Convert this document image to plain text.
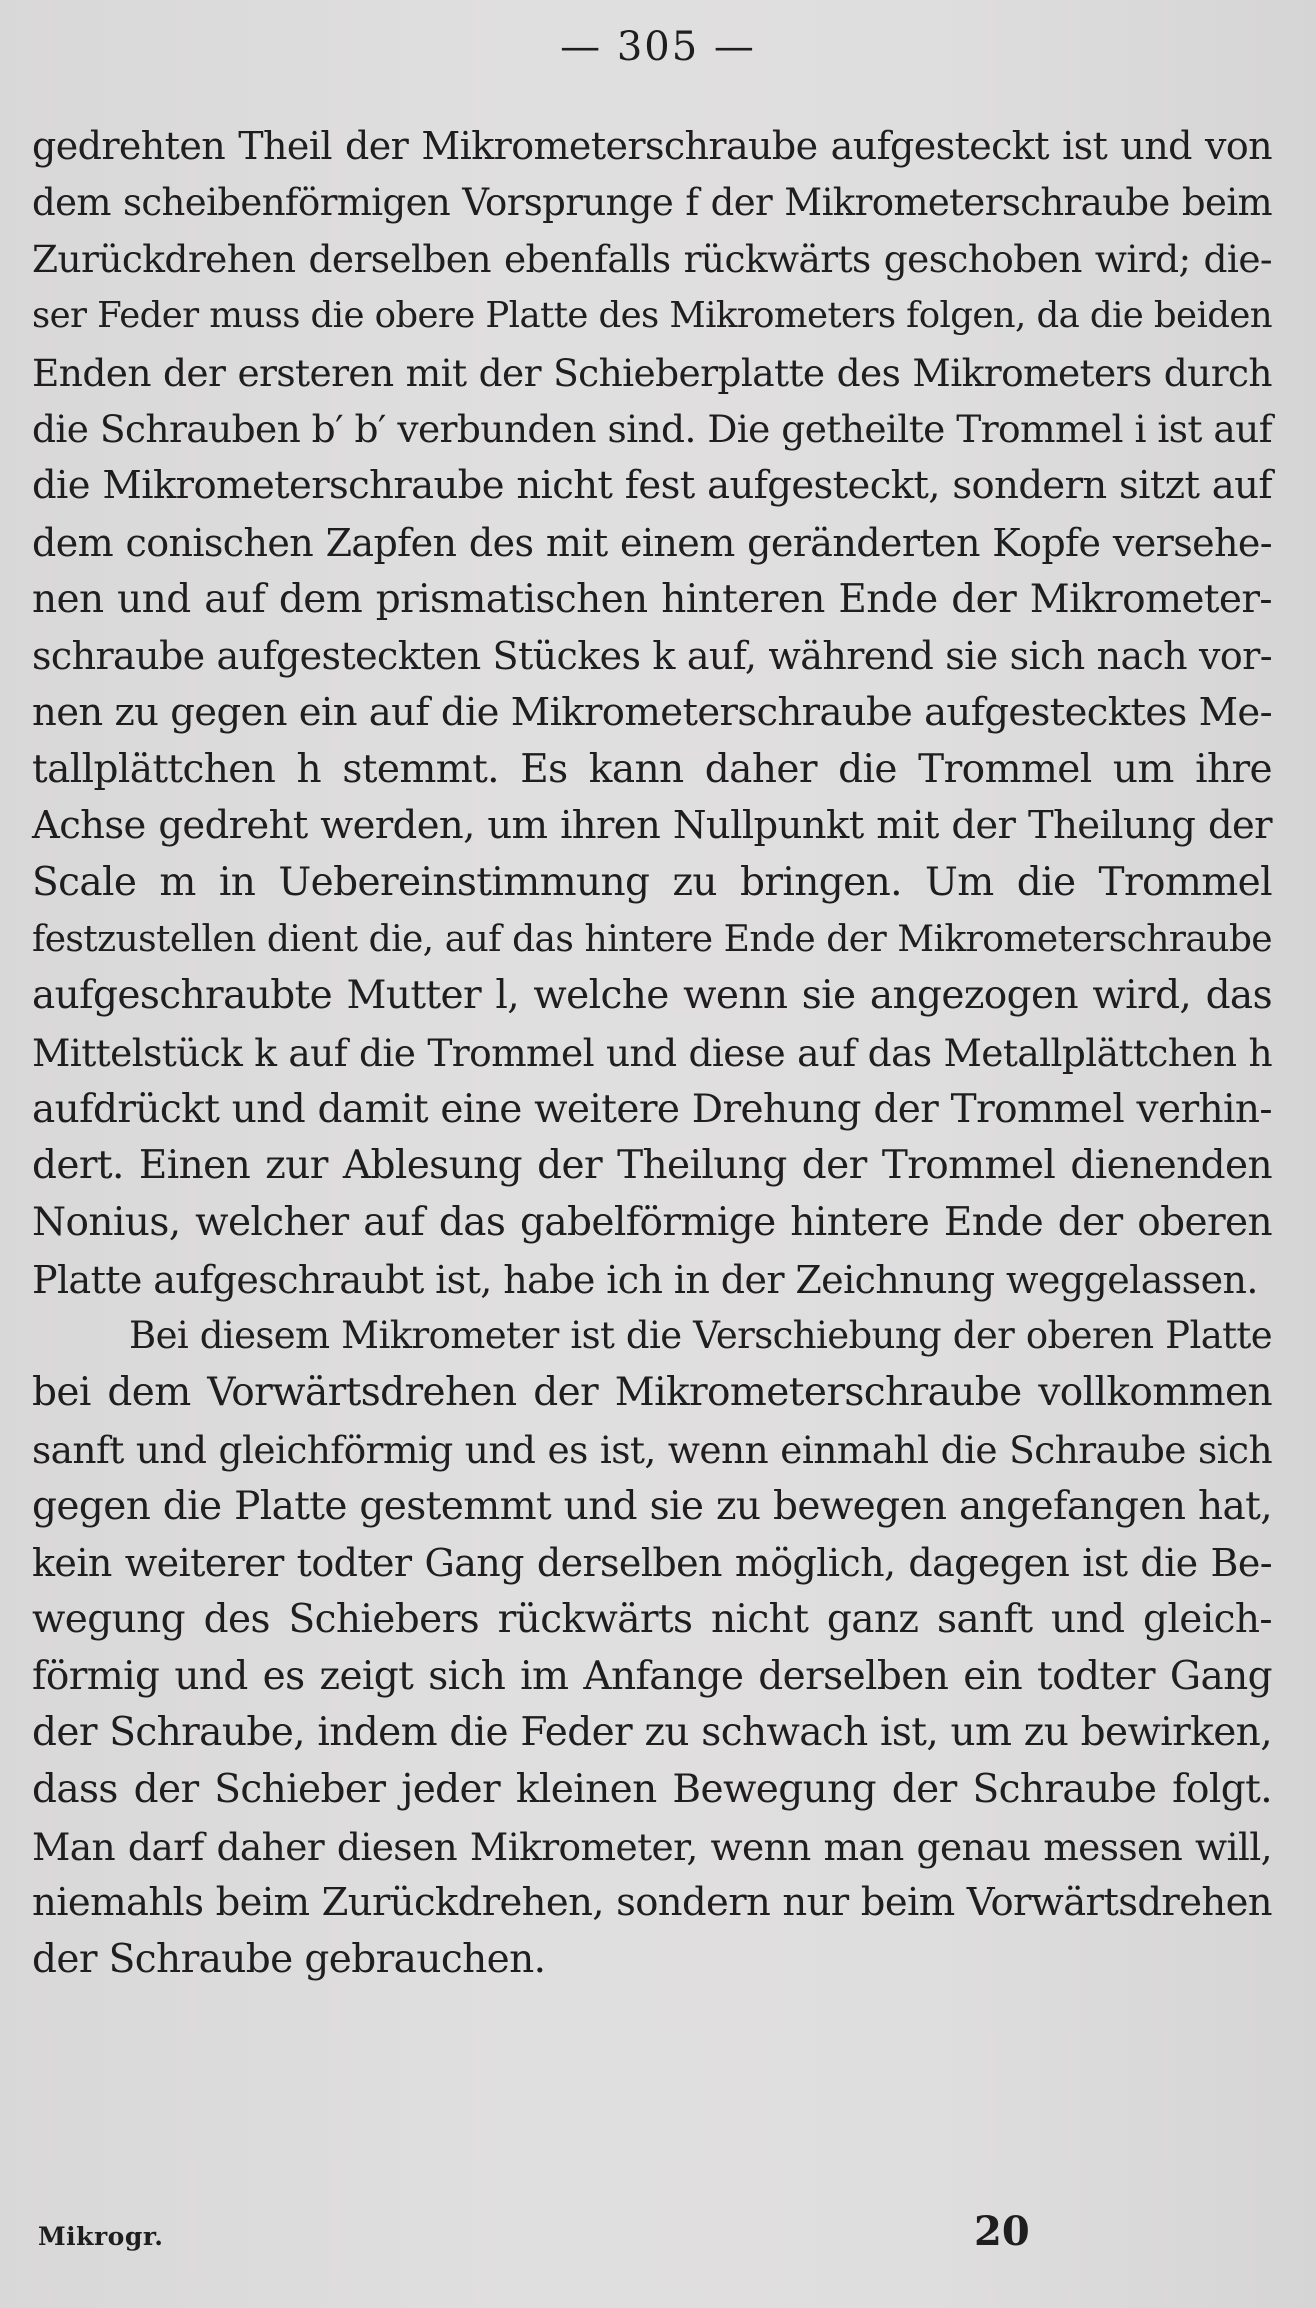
— 305 —
gedrehten Theil der Mikrometerschraube aufgesteckt ist und von
dem scheibenförmigen Vorsprunge f der Mikrometerschraube beim
Zurückdrehen derselben ebenfalls rückwärts geschoben wird; die-
ser Feder muss die obere Platte des Mikrometers folgen, da die beiden
Enden der ersteren mit der Schieberplatte des Mikrometers durch
die Schrauben b′ b′ verbunden sind. Die getheilte Trommel i ist auf
die Mikrometerschraube nicht fest aufgesteckt, sondern sitzt auf
dem conischen Zapfen des mit einem geränderten Kopfe versehe-
nen und auf dem prismatischen hinteren Ende der Mikrometer-
schraube aufgesteckten Stückes k auf, während sie sich nach vor-
nen zu gegen ein auf die Mikrometerschraube aufgestecktes Me-
tallplättchen h stemmt. Es kann daher die Trommel um ihre
Achse gedreht werden, um ihren Nullpunkt mit der Theilung der
Scale m in Uebereinstimmung zu bringen. Um die Trommel
festzustellen dient die, auf das hintere Ende der Mikrometerschraube
aufgeschraubte Mutter l, welche wenn sie angezogen wird, das
Mittelstück k auf die Trommel und diese auf das Metallplättchen h
aufdrückt und damit eine weitere Drehung der Trommel verhin-
dert. Einen zur Ablesung der Theilung der Trommel dienenden
Nonius, welcher auf das gabelförmige hintere Ende der oberen
Platte aufgeschraubt ist, habe ich in der Zeichnung weggelassen.
Bei diesem Mikrometer ist die Verschiebung der oberen Platte
bei dem Vorwärtsdrehen der Mikrometerschraube vollkommen
sanft und gleichförmig und es ist, wenn einmahl die Schraube sich
gegen die Platte gestemmt und sie zu bewegen angefangen hat,
kein weiterer todter Gang derselben möglich, dagegen ist die Be-
wegung des Schiebers rückwärts nicht ganz sanft und gleich-
förmig und es zeigt sich im Anfange derselben ein todter Gang
der Schraube, indem die Feder zu schwach ist, um zu bewirken,
dass der Schieber jeder kleinen Bewegung der Schraube folgt.
Man darf daher diesen Mikrometer, wenn man genau messen will,
niemahls beim Zurückdrehen, sondern nur beim Vorwärtsdrehen
der Schraube gebrauchen.
Mikrogr.	20
